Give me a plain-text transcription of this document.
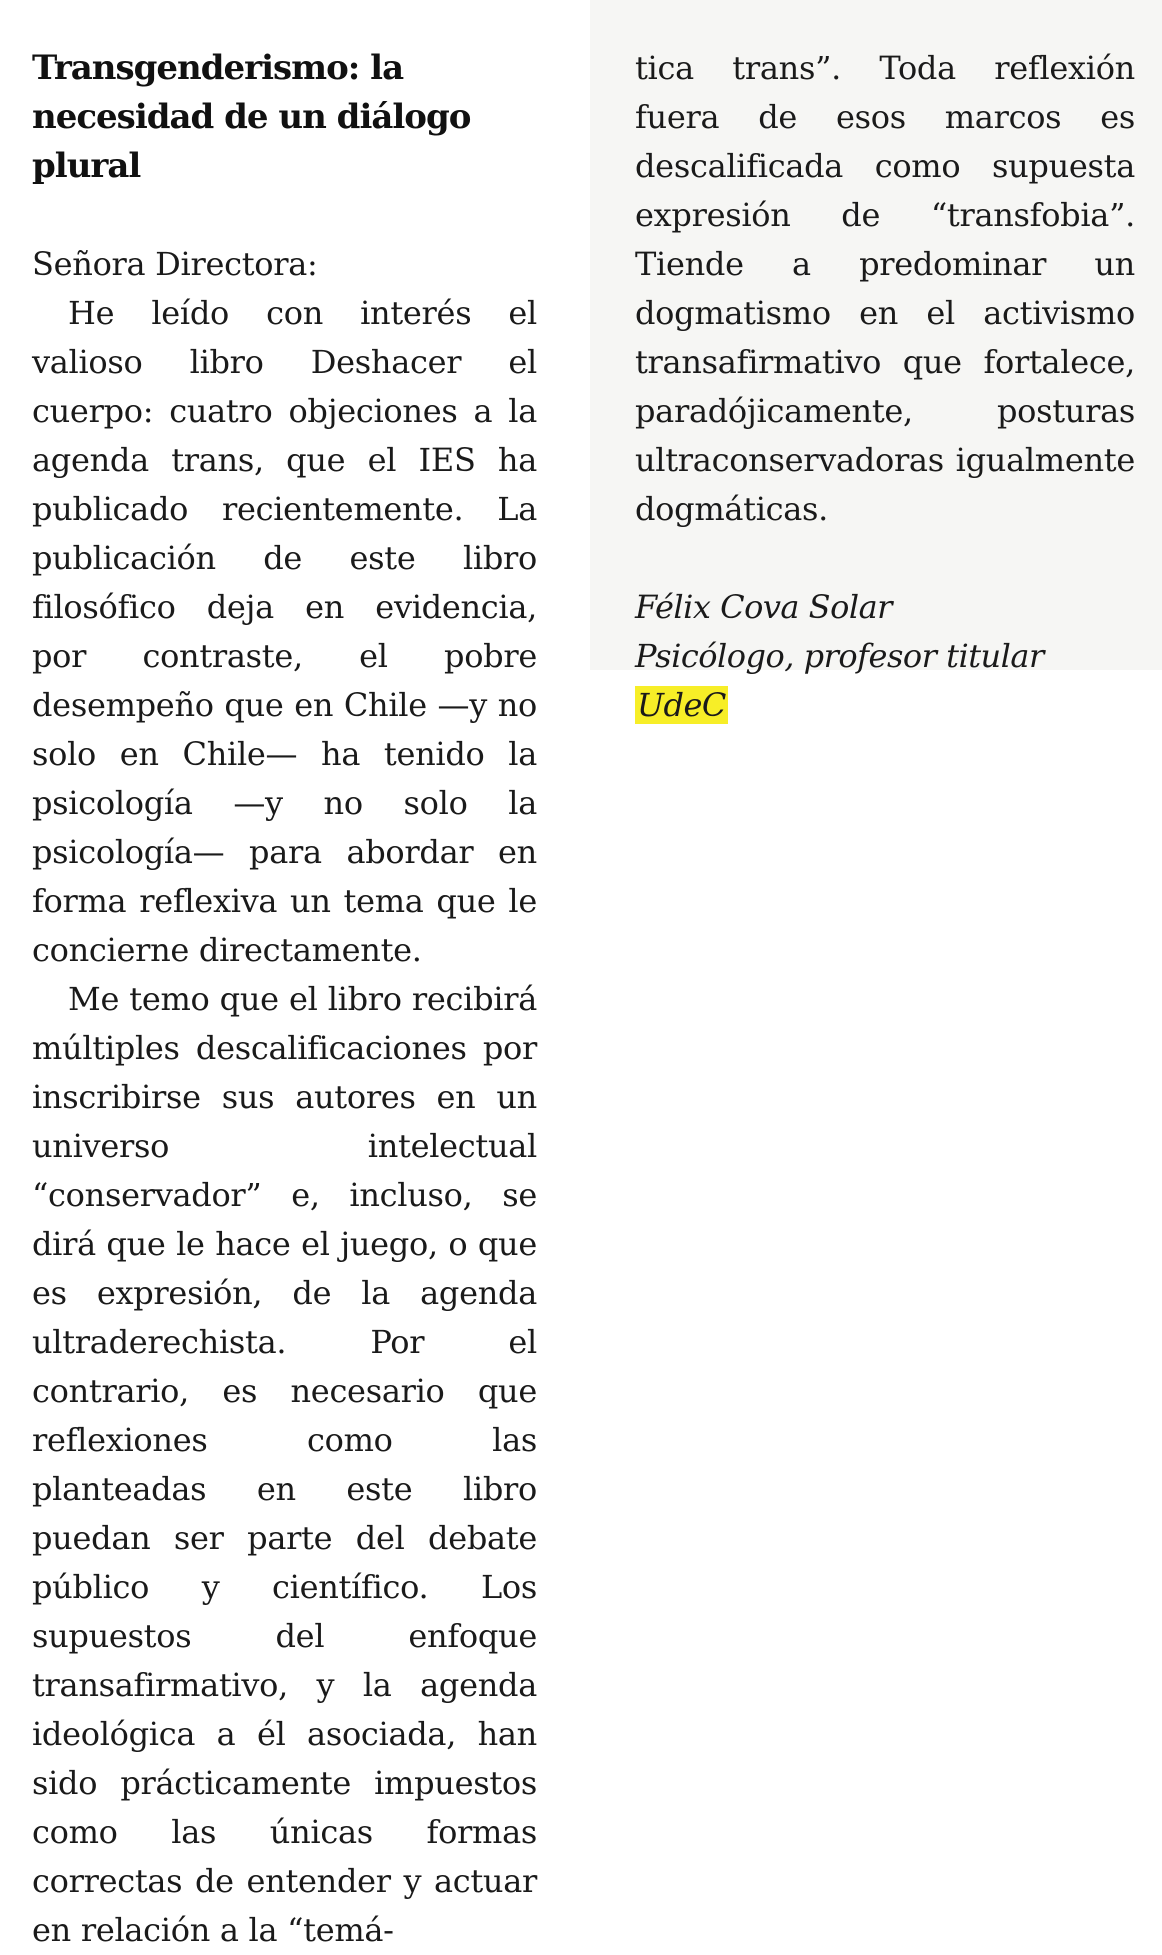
Transgenderismo: la necesidad de un diálogo plural

Señora Directora:

He leído con interés el valioso libro Deshacer el cuerpo: cuatro objeciones a la agenda trans, que el IES ha publicado recientemente. La publicación de este libro filosófico deja en evidencia, por contraste, el pobre desempeño que en Chile —y no solo en Chile— ha tenido la psicología —y no solo la psicología— para abordar en forma reflexiva un tema que le concierne directamente.

Me temo que el libro recibirá múltiples descalificaciones por inscribirse sus autores en un universo intelectual “conservador” e, incluso, se dirá que le hace el juego, o que es expresión, de la agenda ultraderechista. Por el contrario, es necesario que reflexiones como las planteadas en este libro puedan ser parte del debate público y científico. Los supuestos del enfoque transafirmativo, y la agenda ideológica a él asociada, han sido prácticamente impuestos como las únicas formas correctas de entender y actuar en relación a la “temá-

tica trans”. Toda reflexión fuera de esos marcos es descalificada como supuesta expresión de “transfobia”. Tiende a predominar un dogmatismo en el activismo transafirmativo que fortalece, paradójicamente, posturas ultraconservadoras igualmente dogmáticas.

Félix Cova Solar
Psicólogo, profesor titular UdeC
